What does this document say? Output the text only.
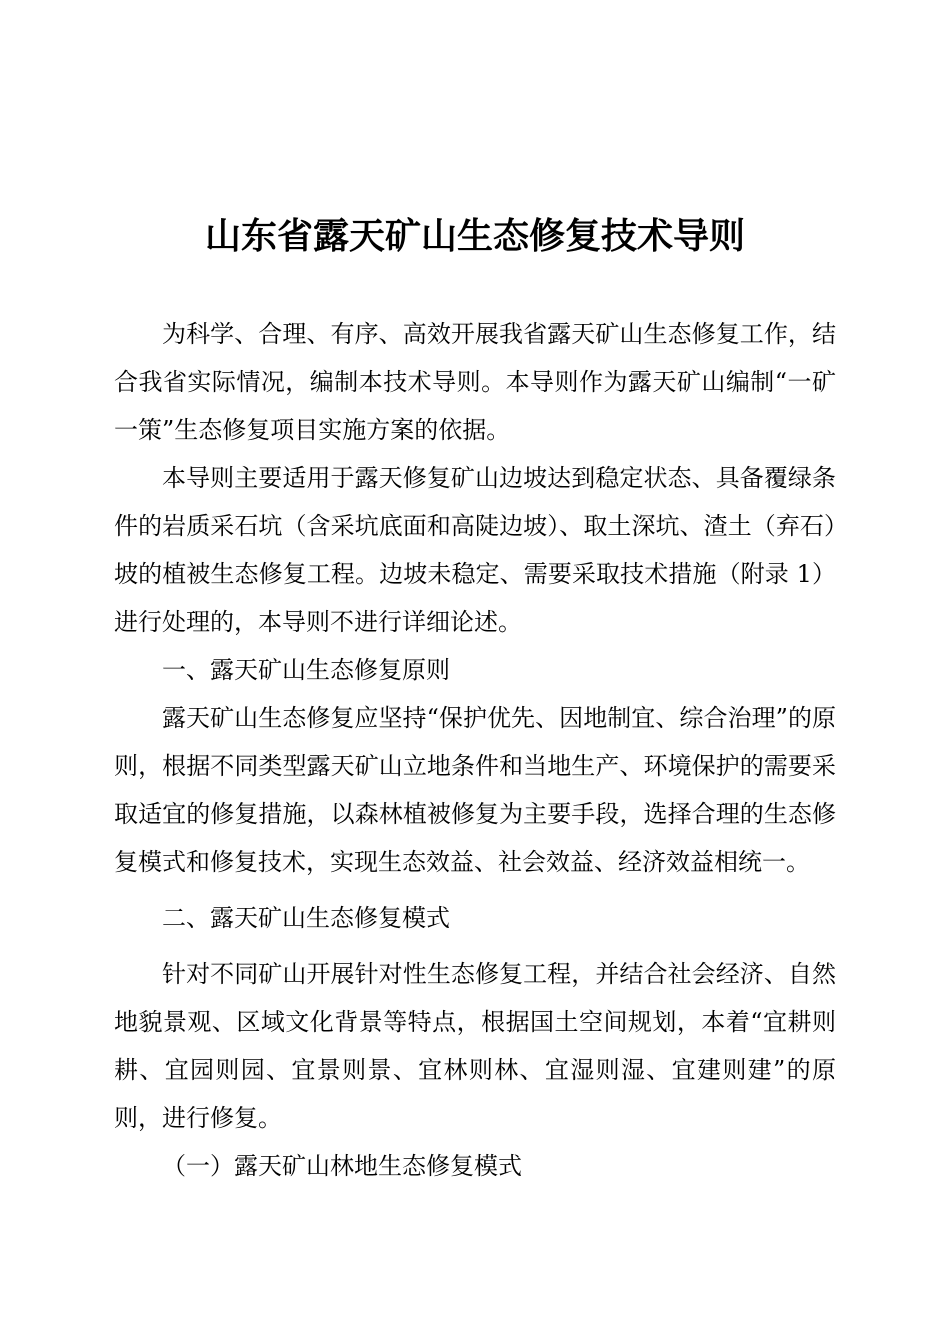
山东省露天矿山生态修复技术导则

为科学、合理、有序、高效开展我省露天矿山生态修复工作，结合我省实际情况，编制本技术导则。本导则作为露天矿山编制“一矿一策”生态修复项目实施方案的依据。

本导则主要适用于露天修复矿山边坡达到稳定状态、具备覆绿条件的岩质采石坑（含采坑底面和高陡边坡）、取土深坑、渣土（弃石）坡的植被生态修复工程。边坡未稳定、需要采取技术措施（附录 1）进行处理的，本导则不进行详细论述。

一、露天矿山生态修复原则

露天矿山生态修复应坚持“保护优先、因地制宜、综合治理”的原则，根据不同类型露天矿山立地条件和当地生产、环境保护的需要采取适宜的修复措施，以森林植被修复为主要手段，选择合理的生态修复模式和修复技术，实现生态效益、社会效益、经济效益相统一。

二、露天矿山生态修复模式

针对不同矿山开展针对性生态修复工程，并结合社会经济、自然地貌景观、区域文化背景等特点，根据国土空间规划，本着“宜耕则耕、宜园则园、宜景则景、宜林则林、宜湿则湿、宜建则建”的原则，进行修复。

（一）露天矿山林地生态修复模式
